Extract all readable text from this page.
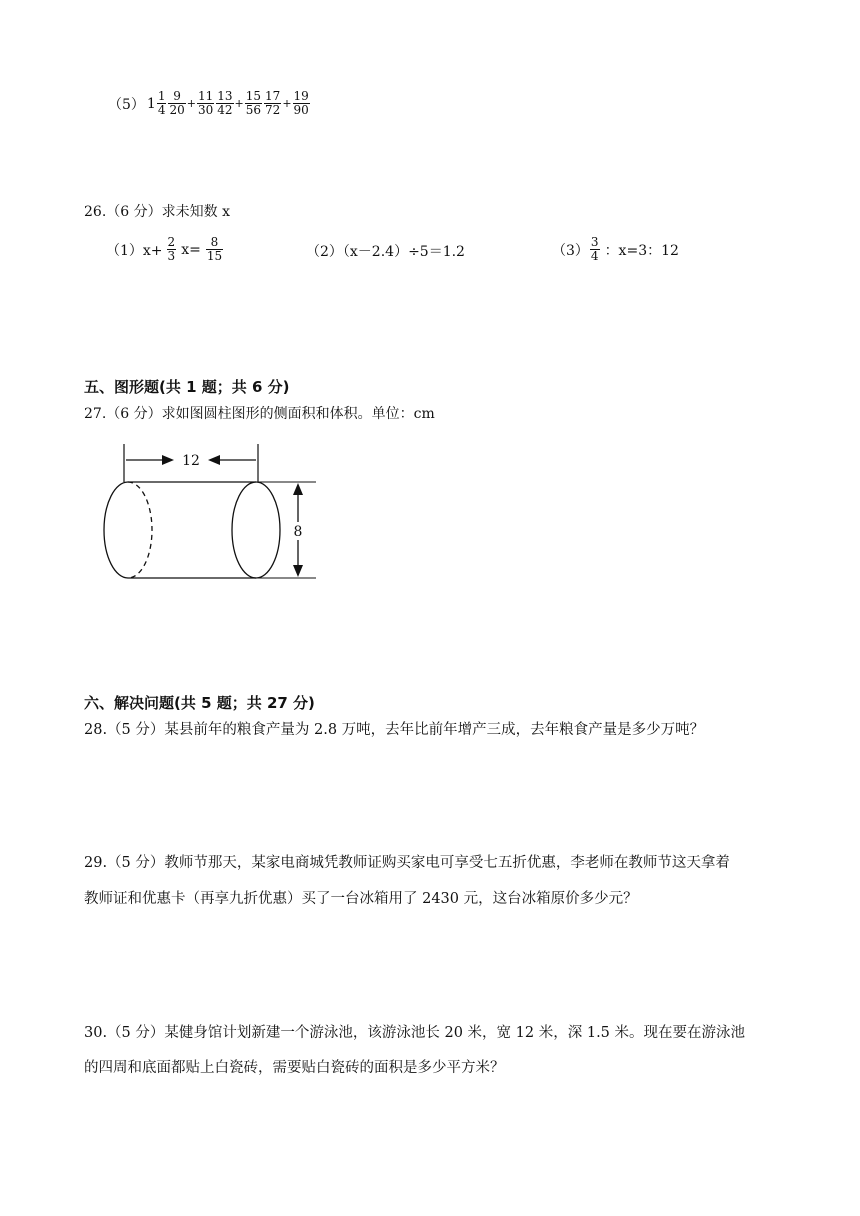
（5） $1 \frac{1}{4} \frac{9}{20} + \frac{11}{30} \frac{13}{42} + \frac{15}{56} \frac{17}{72} + \frac{19}{90}$
26.（6 分）求未知数 x
$(1)x+ \frac{2}{3} x= \frac{8}{15}$	（2）（x－2.4）÷5＝1.2	$(3) \frac{3}{4}$ ：x=3：12
五、图形题(共 1 题；共 6 分)
27.（6 分）求如图圆柱图形的侧面积和体积。单位：cm
12
8
六、解决问题(共 5 题；共 27 分)
28.（5 分）某县前年的粮食产量为 2.8 万吨，去年比前年增产三成，去年粮食产量是多少万吨？
29.（5 分）教师节那天，某家电商城凭教师证购买家电可享受七五折优惠，李老师在教师节这天拿着
教师证和优惠卡（再享九折优惠）买了一台冰箱用了 2430 元，这台冰箱原价多少元？
30.（5 分）某健身馆计划新建一个游泳池，该游泳池长 20 米，宽 12 米，深 1.5 米。现在要在游泳池
的四周和底面都贴上白瓷砖，需要贴白瓷砖的面积是多少平方米？
